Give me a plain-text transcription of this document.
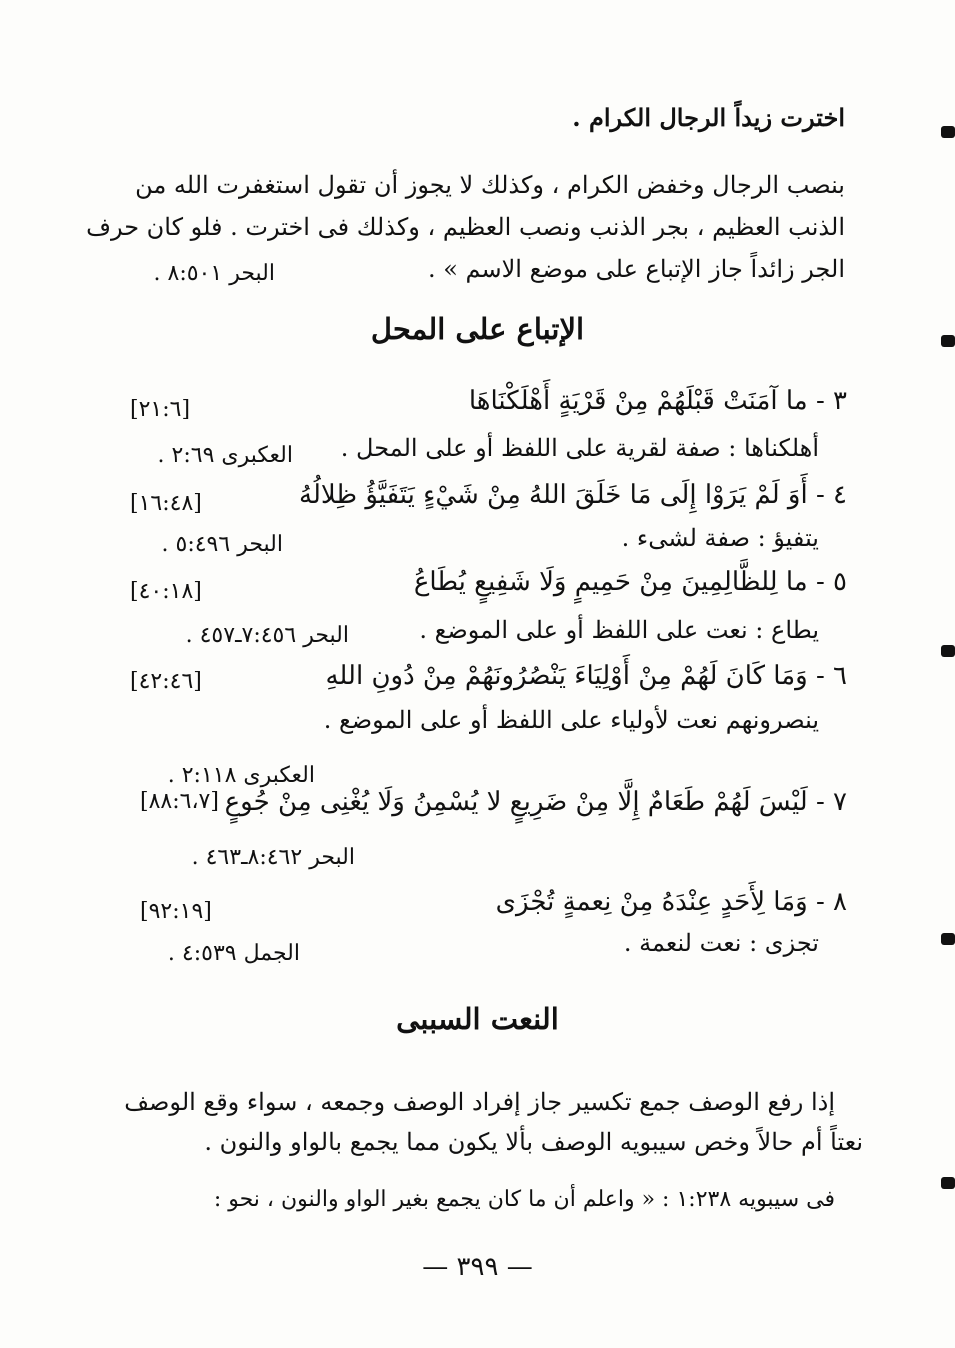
اخترت زيداً الرجال الكرام .

بنصب الرجال وخفض الكرام ، وكذلك لا يجوز أن تقول استغفرت الله من

الذنب العظيم ، بجر الذنب ونصب العظيم ، وكذلك فى اخترت . فلو كان حرف

الجر زائداً جاز الإتباع على موضع الاسم » .

البحر ٨:٥٠١ .
الإتباع على المحل

٣ - ما آمَنَتْ قَبْلَهُمْ مِنْ قَرْيَةٍ أَهْلَكْنَاهَا

[٢١:٦]

أهلكناها : صفة لقرية على اللفظ أو على المحل .

العكبرى ٢:٦٩ .

٤ - أَوَ لَمْ يَرَوْا إِلَى مَا خَلَقَ اللهُ مِنْ شَيْءٍ يَتَفَيَّؤُ ظِلالُهُ

[١٦:٤٨]

يتفيؤ : صفة لشىء .

البحر ٥:٤٩٦ .

٥ - ما لِلظَّالِمِينَ مِنْ حَمِيمٍ وَلَا شَفِيعٍ يُطَاعُ

[٤٠:١٨]

يطاع : نعت على اللفظ أو على الموضع .

البحر ٧:٤٥٦ـ٤٥٧ .

٦ - وَمَا كَانَ لَهُمْ مِنْ أَوْلِيَاءَ يَنْصُرُونَهُمْ مِنْ دُونِ اللهِ

[٤٢:٤٦]

ينصرونهم نعت لأولياء على اللفظ أو على الموضع .

العكبرى ٢:١١٨ .

٧ - لَيْسَ لَهُمْ طَعَامٌ إِلَّا مِنْ ضَرِيعٍ لا يُسْمِنُ وَلَا يُغْنِى مِنْ جُوعٍ

[٨٨:٦،٧]
البحر ٨:٤٦٢ـ٤٦٣ .

٨ - وَمَا لِأَحَدٍ عِنْدَهُ مِنْ نِعمةٍ تُجْزَى

[٩٢:١٩]

تجزى : نعت لنعمة .

الجمل ٤:٥٣٩ .
النعت السببى

إذا رفع الوصف جمع تكسير جاز إفراد الوصف وجمعه ، سواء وقع الوصف

نعتاً أم حالاً وخص سيبويه الوصف بألا يكون مما يجمع بالواو والنون .

فى سيبويه ١:٢٣٨ : « واعلم أن ما كان يجمع بغير الواو والنون ، نحو :

— ٣٩٩ —
